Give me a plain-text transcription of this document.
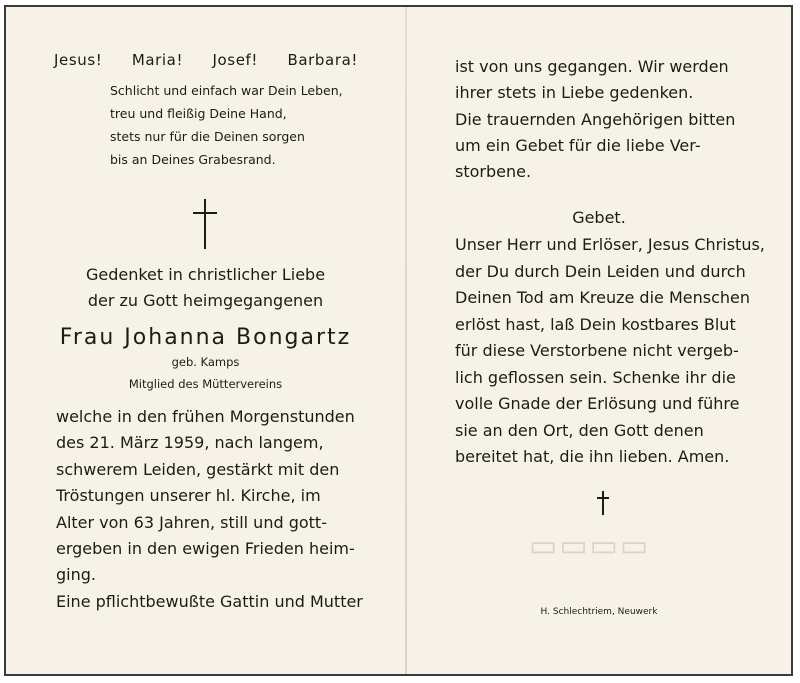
Jesus! Maria! Josef! Barbara!
Schlicht und einfach war Dein Leben,
treu und fleißig Deine Hand,
stets nur für die Deinen sorgen
bis an Deines Grabesrand.
Gedenket in christlicher Liebe
der zu Gott heimgegangenen
Frau Johanna Bongartz
geb. Kamps
Mitglied des Müttervereins
welche in den frühen Morgenstunden
des 21. März 1959, nach langem,
schwerem Leiden, gestärkt mit den
Tröstungen unserer hl. Kirche, im
Alter von 63 Jahren, still und gott-
ergeben in den ewigen Frieden heim-
ging.
Eine pflichtbewußte Gattin und Mutter
▭▭▭▭
ist von uns gegangen. Wir werden
ihrer stets in Liebe gedenken.
Die trauernden Angehörigen bitten
um ein Gebet für die liebe Ver-
storbene.
Gebet.
Unser Herr und Erlöser, Jesus Christus,
der Du durch Dein Leiden und durch
Deinen Tod am Kreuze die Menschen
erlöst hast, laß Dein kostbares Blut
für diese Verstorbene nicht vergeb-
lich geflossen sein. Schenke ihr die
volle Gnade der Erlösung und führe
sie an den Ort, den Gott denen
bereitet hat, die ihn lieben. Amen.
H. Schlechtriem, Neuwerk
